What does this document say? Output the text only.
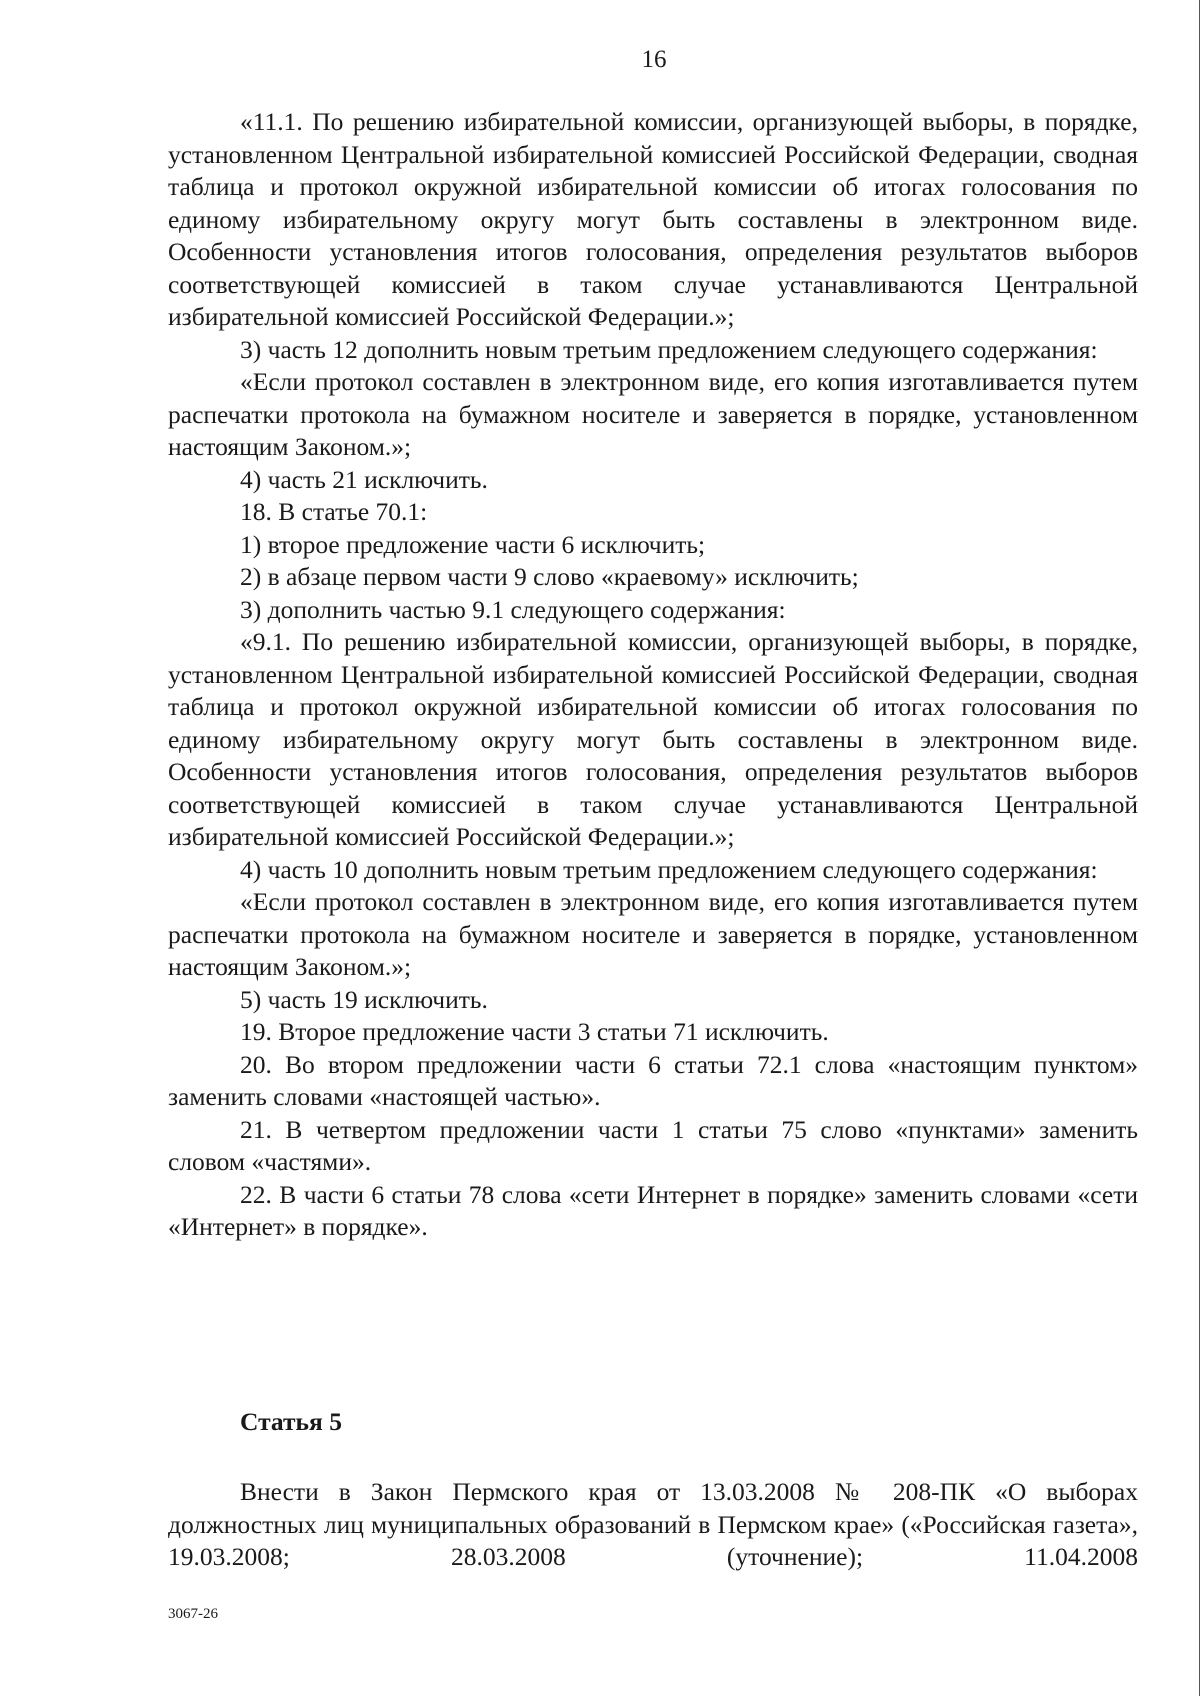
16

«11.1. По решению избирательной комиссии, организующей выборы, в порядке, установленном Центральной избирательной комиссией Российской Федерации, сводная таблица и протокол окружной избирательной комиссии об итогах голосования по единому избирательному округу могут быть составлены в электронном виде. Особенности установления итогов голосования, определения результатов выборов соответствующей комиссией в таком случае устанавливаются Центральной избирательной комиссией Российской Федерации.»;

3) часть 12 дополнить новым третьим предложением следующего содержания:

«Если протокол составлен в электронном виде, его копия изготавливается путем распечатки протокола на бумажном носителе и заверяется в порядке, установленном настоящим Законом.»;

4) часть 21 исключить.

18. В статье 70.1:

1) второе предложение части 6 исключить;

2) в абзаце первом части 9 слово «краевому» исключить;

3) дополнить частью 9.1 следующего содержания:

«9.1. По решению избирательной комиссии, организующей выборы, в порядке, установленном Центральной избирательной комиссией Российской Федерации, сводная таблица и протокол окружной избирательной комиссии об итогах голосования по единому избирательному округу могут быть составлены в электронном виде. Особенности установления итогов голосования, определения результатов выборов соответствующей комиссией в таком случае устанавливаются Центральной избирательной комиссией Российской Федерации.»;

4) часть 10 дополнить новым третьим предложением следующего содержания:

«Если протокол составлен в электронном виде, его копия изготавливается путем распечатки протокола на бумажном носителе и заверяется в порядке, установленном настоящим Законом.»;

5) часть 19 исключить.

19. Второе предложение части 3 статьи 71 исключить.

20. Во втором предложении части 6 статьи 72.1 слова «настоящим пунктом» заменить словами «настоящей частью».

21. В четвертом предложении части 1 статьи 75 слово «пунктами» заменить словом «частями».

22. В части 6 статьи 78 слова «сети Интернет в порядке» заменить словами «сети «Интернет» в порядке».

Статья 5

Внести в Закон Пермского края от 13.03.2008 № 208-ПК «О выборах должностных лиц муниципальных образований в Пермском крае» («Российская газета», 19.03.2008; 28.03.2008 (уточнение); 11.04.2008

3067-26
